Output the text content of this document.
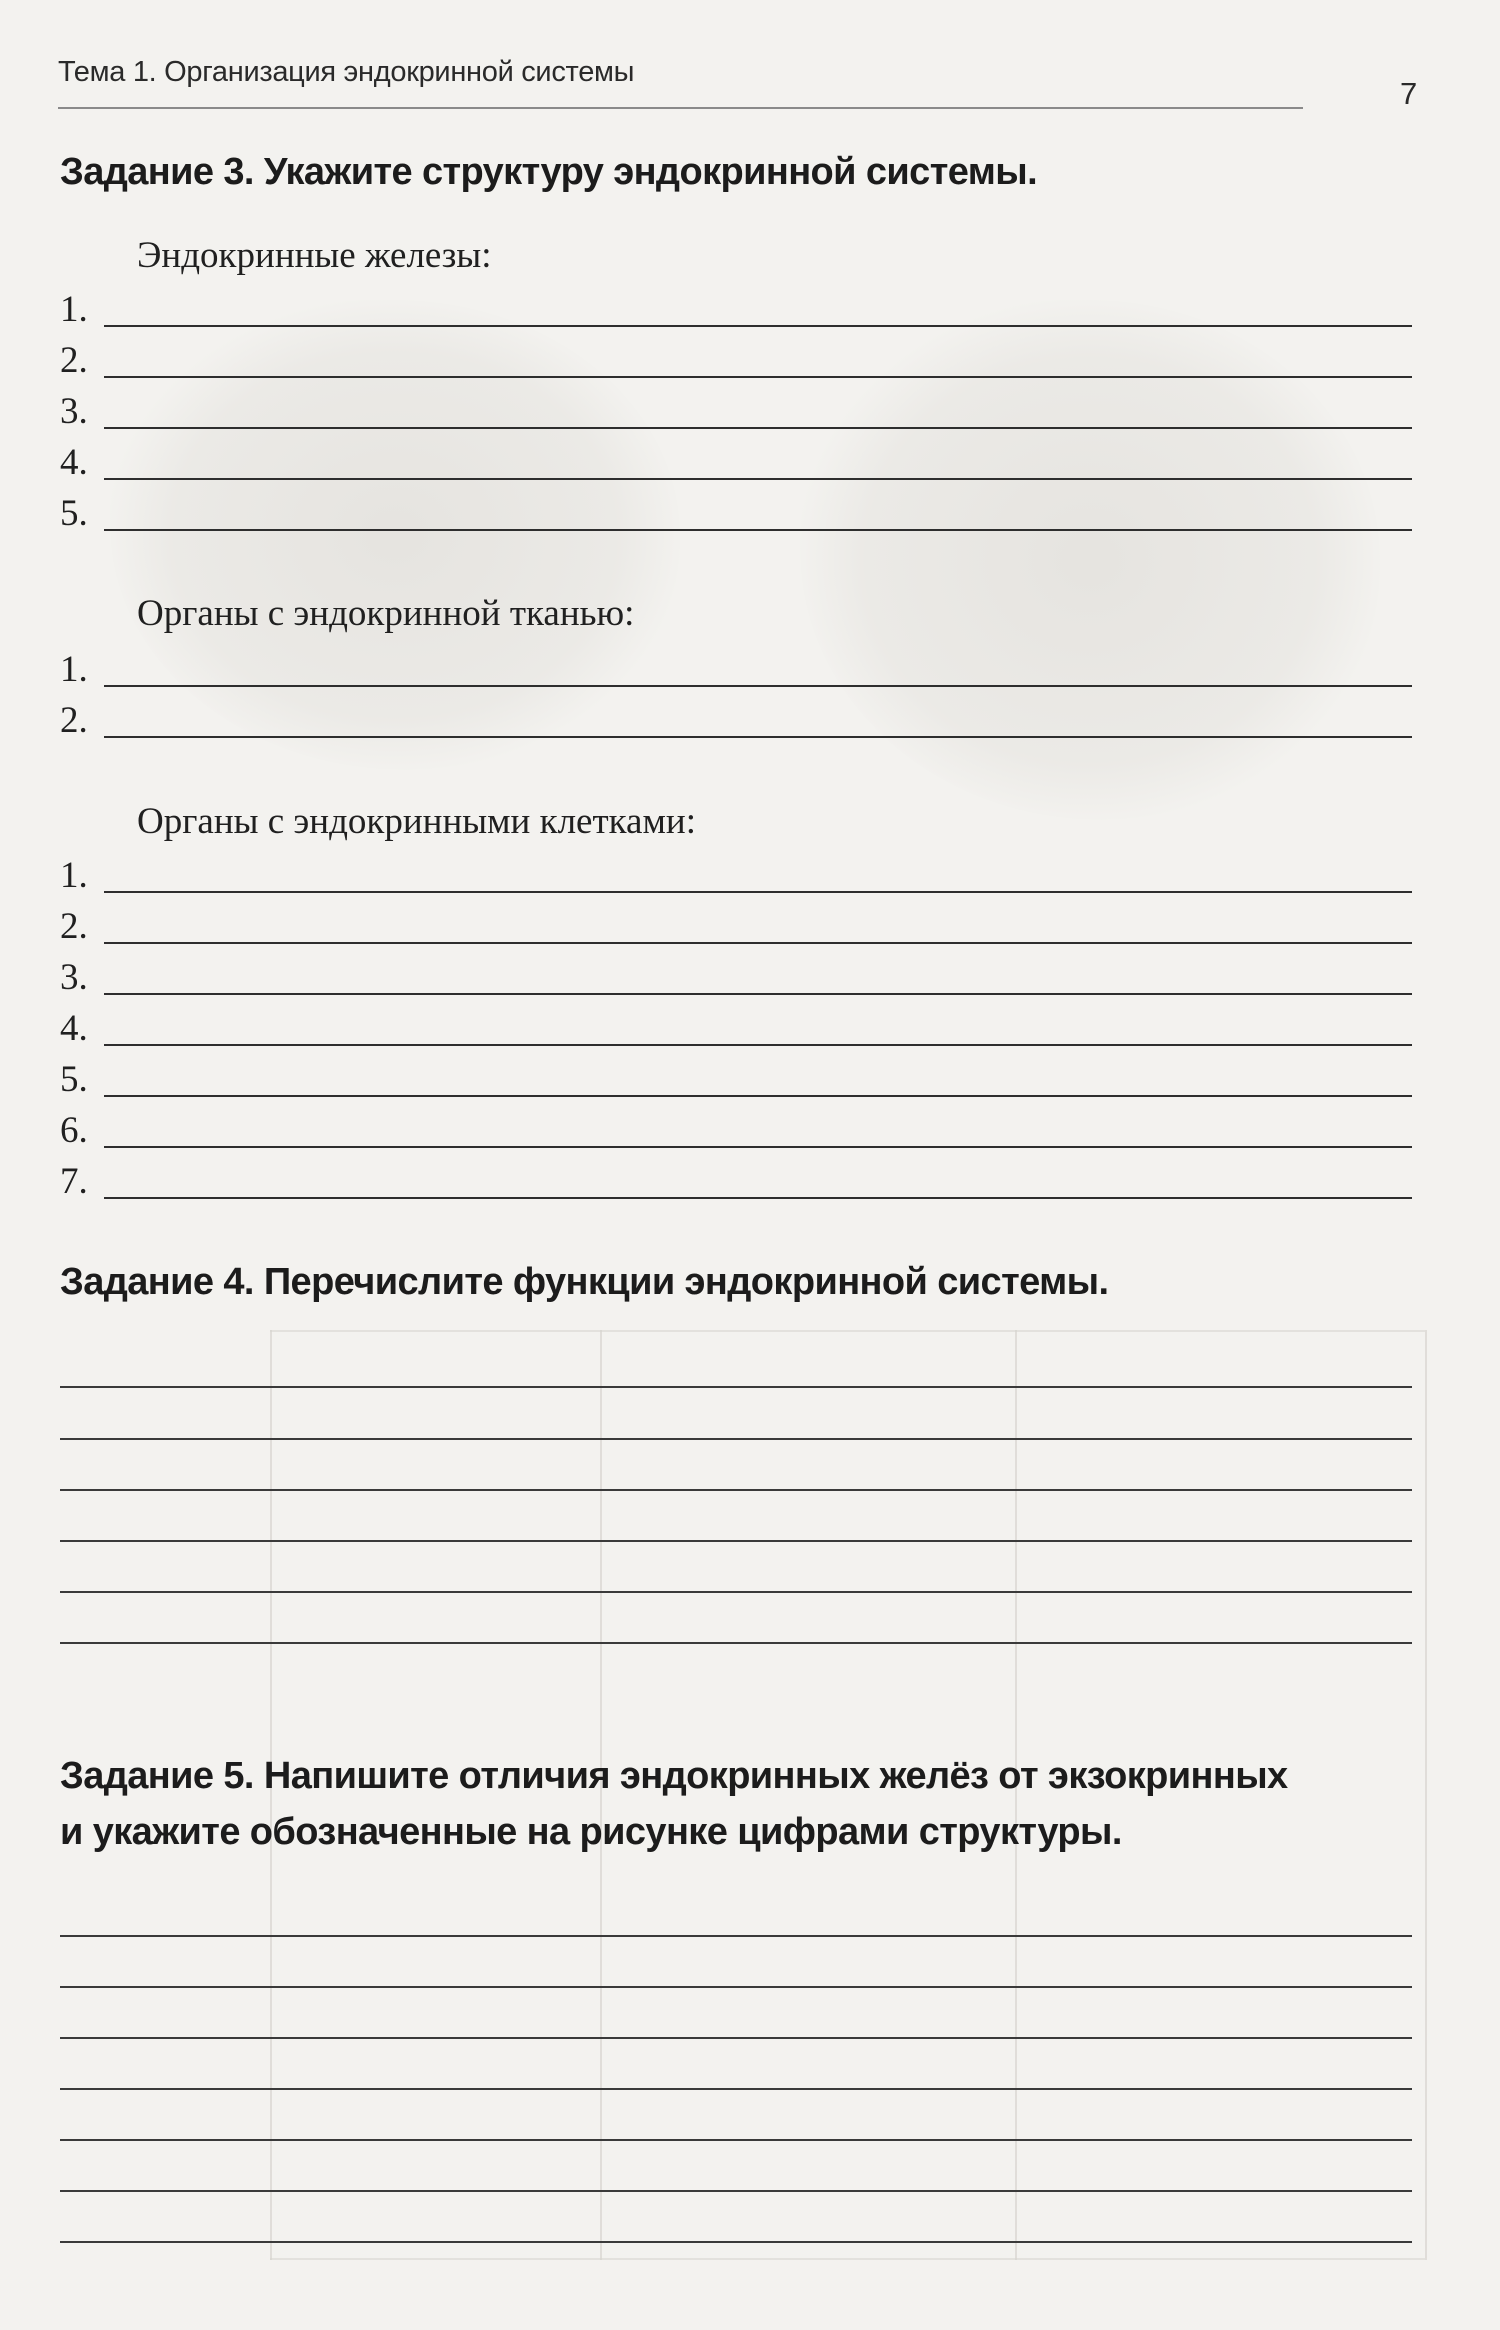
Тема 1. Организация эндокринной системы
7
Задание 3. Укажите структуру эндокринной системы.
Эндокринные железы:
1.
2.
3.
4.
5.
Органы с эндокринной тканью:
1.
2.
Органы с эндокринными клетками:
1.
2.
3.
4.
5.
6.
7.
Задание 4. Перечислите функции эндокринной системы.
Задание 5. Напишите отличия эндокринных желёз от экзокринных
и укажите обозначенные на рисунке цифрами структуры.
